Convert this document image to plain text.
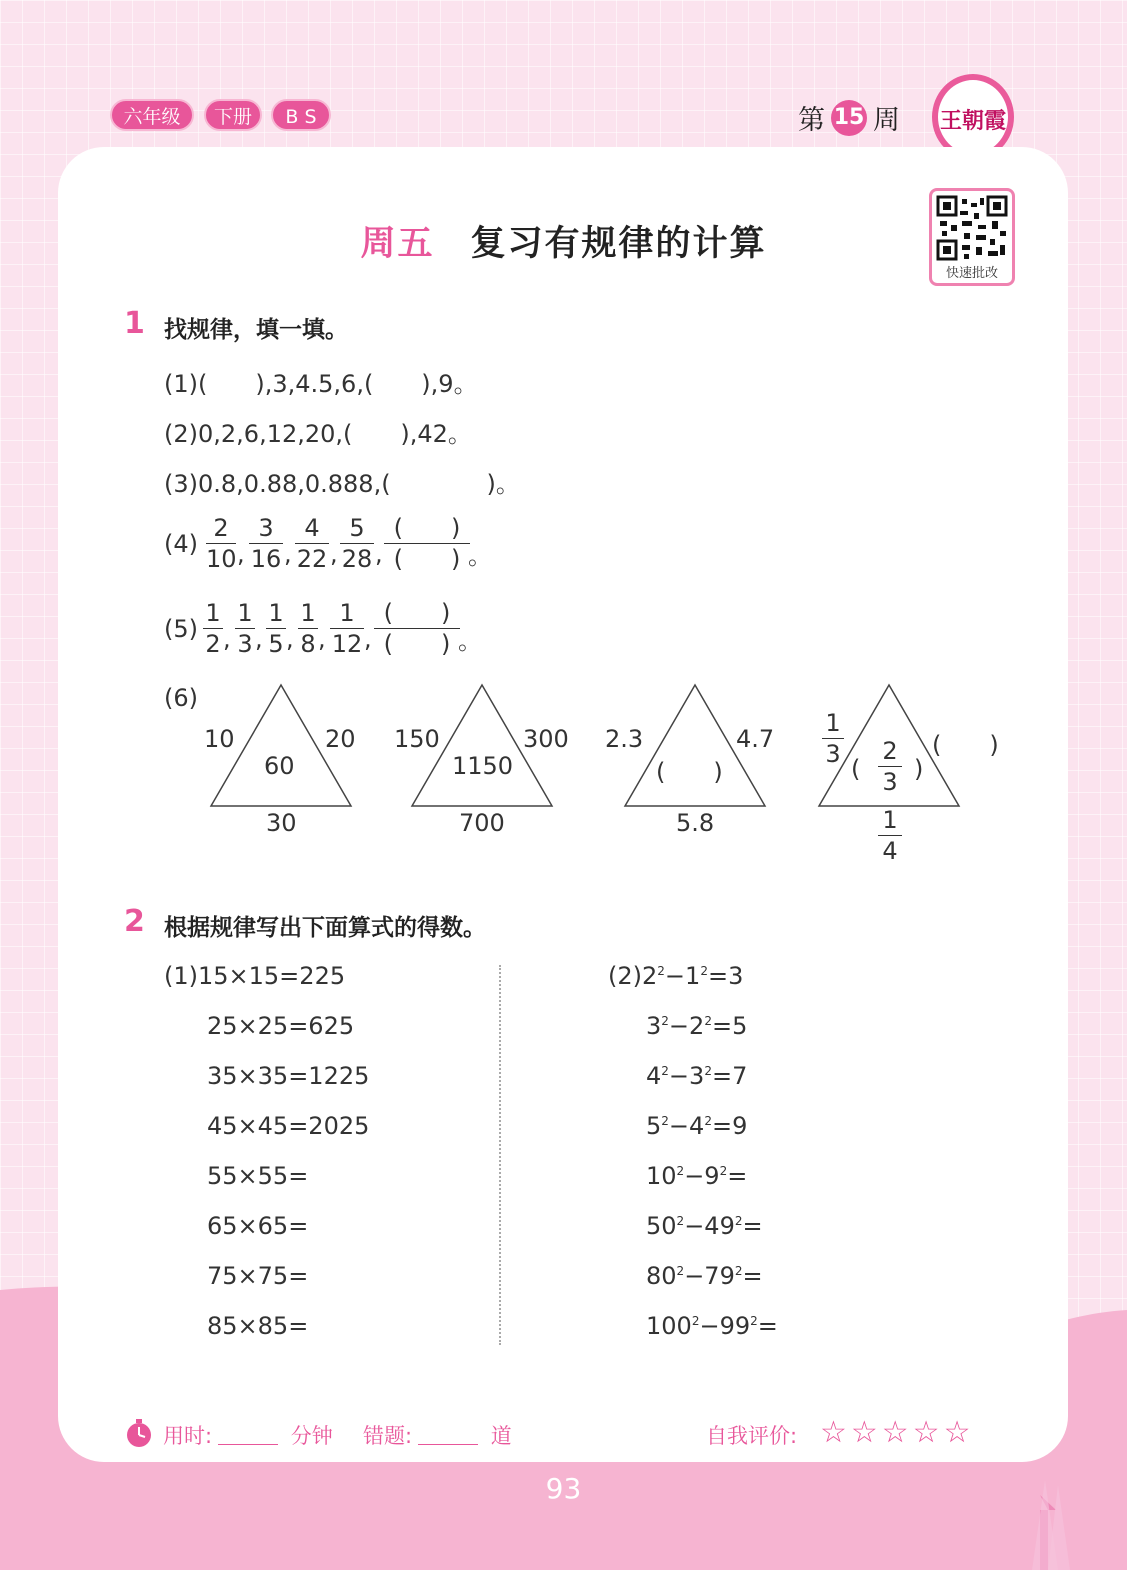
六年级	下册	B S	第 15 周 王朝霞
周五 复习有规律的计算
快速批改
1 找规律，填一填。
(1)(　　),3,4.5,6,(　　),9。
(2)0,2,6,12,20,(　　),42。
(3)0.8,0.88,0.888,(　　　　)。
$(4) \frac{2}{10}$ , $\frac{3}{16}$ , $\frac{4}{22}$ , $\frac{5}{28}$ ,
(　　)
(　　) 。
$(5) \frac{1}{2}$ , $\frac{1}{3}$ , $\frac{1}{5}$ , $\frac{1}{8}$ , $\frac{1}{12}$ ,
(　　)
(　　) 。
(6)
10	20
60
30
150	300
1150
700
2.3	4.7
(　　)
5.8
$\frac{1}{3}$	(　　)
( $\frac{2}{3}$ )
$\frac{1}{4}$
2 根据规律写出下面算式的得数。
(1)15×15=225
25×25=625
35×35=1225
45×45=2025
55×55=
65×65=
75×75=
85×85=
$(2)2^2-1^2=3$
$3^2-2^2=5$
$4^2-3^2=7$
$5^2-4^2=9$
$10^2-9^2=$
$50^2-49^2=$
$80^2-79^2=$
$100^2-99^2=$
用时:	分钟 错题:	道	自我评价: ☆☆☆☆☆
93
